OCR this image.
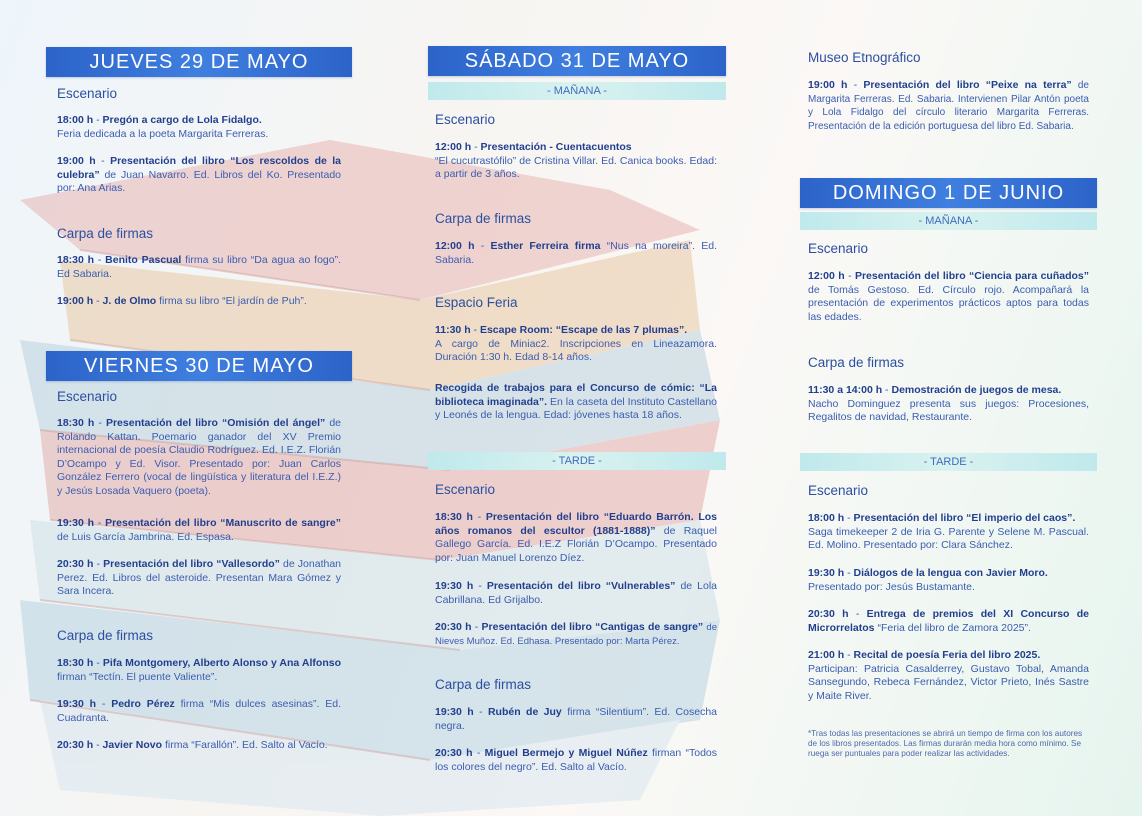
JUEVES 29 DE MAYO
Escenario
18:00 h - Pregón a cargo de Lola Fidalgo.
Feria dedicada a la poeta Margarita Ferreras.
19:00 h - Presentación del libro “Los rescoldos de la culebra” de Juan Navarro. Ed. Libros del Ko. Presentado por: Ana Arias.
Carpa de firmas
18:30 h - Benito Pascual firma su libro “Da agua ao fogo”. Ed Sabaria.
19:00 h - J. de Olmo firma su libro “El jardín de Puh”.
VIERNES 30 DE MAYO
Escenario
18:30 h - Presentación del libro “Omisión del ángel” de Rolando Kattan. Poemario ganador del XV Premio internacional de poesía Claudio Rodríguez. Ed. I.E.Z. Florián D’Ocampo y Ed. Visor. Presentado por: Juan Carlos González Ferrero (vocal de lingüística y literatura del I.E.Z.) y Jesús Losada Vaquero (poeta).
19:30 h - Presentación del libro “Manuscrito de sangre” de Luis García Jambrina. Ed. Espasa.
20:30 h - Presentación del libro “Vallesordo” de Jonathan Perez. Ed. Libros del asteroide. Presentan Mara Gómez y Sara Incera.
Carpa de firmas
18:30 h - Pifa Montgomery, Alberto Alonso y Ana Alfonso firman “Tectín. El puente Valiente”.
19:30 h - Pedro Pérez firma “Mis dulces asesinas”. Ed. Cuadranta.
20:30 h - Javier Novo firma “Farallón”. Ed. Salto al Vacío.
SÁBADO 31 DE MAYO
- MAÑANA -
Escenario
12:00 h - Presentación - Cuentacuentos
“El cucutrastófilo” de Cristina Villar. Ed. Canica books. Edad: a partir de 3 años.
Carpa de firmas
12:00 h - Esther Ferreira firma “Nus na moreira”. Ed. Sabaria.
Espacio Feria
11:30 h - Escape Room: “Escape de las 7 plumas”.
A cargo de Miniac2. Inscripciones en Lineazamora. Duración 1:30 h. Edad 8-14 años.
Recogida de trabajos para el Concurso de cómic: “La biblioteca imaginada”. En la caseta del Instituto Castellano y Leonés de la lengua. Edad: jóvenes hasta 18 años.
- TARDE -
Escenario
18:30 h - Presentación del libro “Eduardo Barrón. Los años romanos del escultor (1881-1888)” de Raquel Gallego García. Ed. I.E.Z Florián D’Ocampo. Presentado por: Juan Manuel Lorenzo Díez.
19:30 h - Presentación del libro “Vulnerables” de Lola Cabrillana. Ed Grijalbo.
20:30 h - Presentación del libro “Cantigas de sangre” de Nieves Muñoz. Ed. Edhasa. Presentado por: Marta Pérez.
Carpa de firmas
19:30 h - Rubén de Juy firma “Silentium”. Ed. Cosecha negra.
20:30 h - Miguel Bermejo y Miguel Núñez firman “Todos los colores del negro”. Ed. Salto al Vacío.
Museo Etnográfico
19:00 h - Presentación del libro “Peixe na terra” de Margarita Ferreras. Ed. Sabaria. Intervienen Pilar Antón poeta y Lola Fidalgo del círculo literario Margarita Ferreras. Presentación de la edición portuguesa del libro Ed. Sabaria.
DOMINGO 1 DE JUNIO
- MAÑANA -
Escenario
12:00 h - Presentación del libro “Ciencia para cuñados” de Tomás Gestoso. Ed. Círculo rojo. Acompañará la presentación de experimentos prácticos aptos para todas las edades.
Carpa de firmas
11:30 a 14:00 h - Demostración de juegos de mesa.
Nacho Dominguez presenta sus juegos: Procesiones, Regalitos de navidad, Restaurante.
- TARDE -
Escenario
18:00 h - Presentación del libro “El imperio del caos”.
Saga timekeeper 2 de Iria G. Parente y Selene M. Pascual. Ed. Molino. Presentado por: Clara Sánchez.
19:30 h - Diálogos de la lengua con Javier Moro.
Presentado por: Jesús Bustamante.
20:30 h - Entrega de premios del XI Concurso de Microrrelatos “Feria del libro de Zamora 2025”.
21:00 h - Recital de poesía Feria del libro 2025.
Participan: Patricia Casalderrey, Gustavo Tobal, Amanda Sansegundo, Rebeca Fernández, Victor Prieto, Inés Sastre y Maite River.
*Tras todas las presentaciones se abrirá un tiempo de firma con los autores de los libros presentados. Las firmas durarán media hora como mínimo. Se ruega ser puntuales para poder realizar las actividades.
